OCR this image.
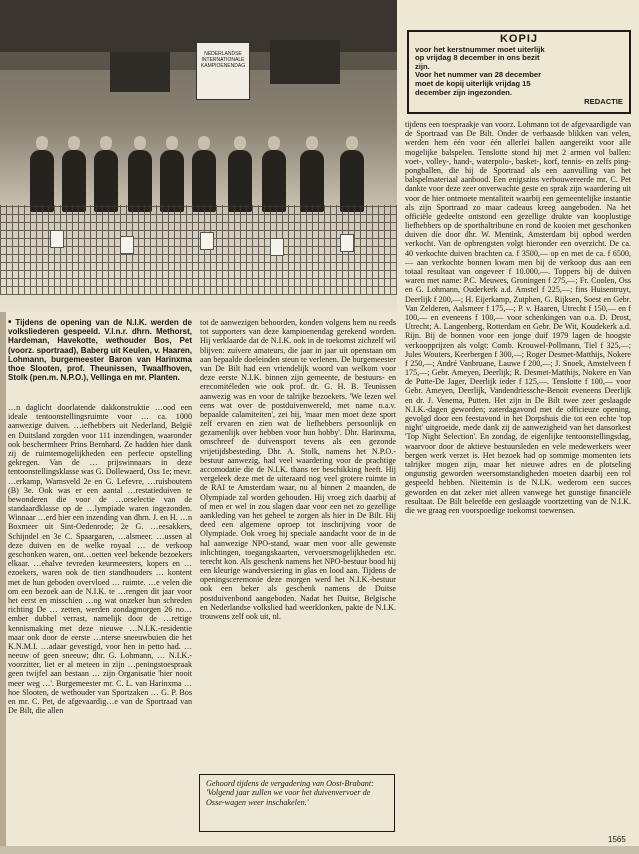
NEDERLANDSE INTERNATIONALE KAMPIOENENDAG
KOPIJ
voor het kerstnummer moet uiterlijk
op vrijdag 8 december in ons bezit
zijn.
Voor het nummer van 28 december
moet de kopij uiterlijk vrijdag 15
december zijn ingezonden.
REDACTIE
• Tijdens de opening van de N.I.K. werden de volksliederen gespeeld. V.l.n.r. dhrn. Methorst, Hardeman, Havekotte, wethouder Bos, Pet (voorz. sportraad), Baberg uit Keulen, v. Haaren, Lohmann, burgemeester Baron van Harinxma thoe Slooten, prof. Theunissen, Twaalfhoven, Stolk (pen.m. N.P.O.), Vellinga en mr. Planten.

…n daglicht doorlatende dakkonstruktie …ood een ideale tentoonstellingsruimte voor … ca. 1000 aanwezige duiven. …iefhebbers uit Nederland, België en Duitsland zorgden voor 111 inzendingen, waaronder ook beschermheer Prins Bernhard. Ze hadden hier dank zij de ruimtemogelijkheden een perfecte opstelling gekregen. Van de … prijswinnaars in deze tentoonstellingsklasse was G. Dollewaerd, Oss 1e; mevr. …erkamp, Warnsveld 2e en G. Lefevre, …ruisboutem (B) 3e. Ook was er een aantal …restatieduiven te bewonderen die voor de …orselectie van de standaardklasse op de …lympiade waren ingezonden. Winnaar …erd hier een inzending van dhrn. J. en H. …n Boxmeer uit Sint-Oedenrode; 2e G. …eesakkers, Schijndel en 3e C. Spaargaren, …alsmeer. …ussen al deze duiven en de welke royaal … de verkoop geschonken waren, ont…oetten veel bekende bezoekers elkaar. …ehalve tevreden keurmeesters, kopers en …ezoekers, waren ook de tien standhouders … kontent met de hun geboden overvloed … ruimte. …e velen die om een bezoek aan de N.I.K. te …rengen dit jaar voor het eerst en misschien …og wat onzeker hun schreden richting De … zetten, werden zondagmorgen 26 no…ember dubbel verrast, namelijk door de …rettige kennismaking met deze nieuwe …N.I.K.-residentie maar ook door de eerste …nterse sneeuwbuien die het K.N.M.I. …adaar gevestigd, voor hen in petto had. …neeuw of geen sneeuw; dhr. G. Lohmann, … N.I.K.-voorzitter, liet er al meteen in zijn …peningstoespraak geen twijfel aan bestaan … zijn Organisatie 'hier nooit meer weg …'. Burgemeester mr. C. L. van Harinxma …hoe Slooten, de wethouder van Sportzaken … G. P. Bos en mr. C. Pet, de afgevaardig…e van de Sportraad van De Bilt, die allen

tot de aanwezigen behoorden, konden volgens hem nu reeds tot supporters van deze kampioenendag gerekend worden. Hij verklaarde dat de N.I.K. ook in de toekomst zichzelf wil blijven: zuivere amateurs, die jaar in jaar uit openstaan om aan bepaalde doeleinden steun te verlenen. De burgemeester van De Bilt had een vriendelijk woord van welkom voor deze eerste N.I.K. binnen zijn gemeente, de bestuurs- en erecomitéleden wie ook prof. dr. G. H. B. Teunissen aanwezig was en voor de talrijke bezoekers. 'We lezen wel eens wat over de postduivenwereld, met name n.a.v. bepaalde calamiteiten', zei hij, 'maar men moet deze sport zelf ervaren en zien wat de liefhebbers persoonlijk en gezamenlijk over hebben voor hun hobby'. Dhr. Harinxma, omschreef de duivensport tevens als een gezonde vrijetijdsbesteding. Dhr. A. Stolk, namens het N.P.O.-bestuur aanwezig, had veel waardering voor de prachtige accomodatie die de N.I.K. thans ter beschikking heeft. Hij vergeleek deze met de uiteraard nog veel grotere ruimte in de RAI te Amsterdam waar, nu al binnen 2 maanden, de Olympiade zal worden gehouden. Hij vroeg zich daarbij af of men er wel in zou slagen daar voor een net zo gezellige aankleding van het geheel te zorgen als hier in De Bilt. Hij deed een algemene oproep tot inschrijving voor de Olympiade. Ook vroeg hij speciale aandacht voor de in de hal aanwezige NPO-stand, waar men voor alle gewenste inlichtingen, toegangskaarten, vervoersmogelijkheden etc. terecht kon. Als geschenk namens het NPO-bestuur bood hij een kleurige wandversiering in glas en lood aan. Tijdens de openingsceremonie deze morgen werd het N.I.K.-bestuur ook een beker als geschenk namens de Duitse postduivenbond aangeboden. Nadat het Duitse, Belgische en Nederlandse volkslied had weerklonken, pakte de N.I.K. trouwens zelf ook uit, nl.

Gehoord tijdens de vergadering van Oost-Brabant: 'Volgend jaar zullen we voor het duivenvervoer de Osse-wagen weer inschakelen.'

tijdens een toespraakje van voorz. Lohmann tot de afgevaardigde van de Sportraad van De Bilt. Onder de verbaasde blikken van velen, werden hem één voor één allerlei ballen aangereikt voor alle mogelijke balspelen. Tenslotte stond hij met 2 armen vol ballen: voet-, volley-, hand-, waterpolo-, basket-, korf, tennis- en zelfs ping-pongballen, die hij de Sportraad als een aanvulling van het balspelmateriaal aanbood. Een enigszins verbouwereerde mr. C. Pet dankte voor deze zeer onverwachte geste en sprak zijn waardering uit voor de hier ontmoete mentaliteit waarbij een gemeentelijke instantie als zijn Sportraad zo maar cadeaus kreeg aangeboden. Na het officiële gedeelte ontstond een gezellige drukte van kooplustige liefhebbers op de sporthaltribune en rond de kooien met geschonken duiven die door dhr. W. Mentink, Amsterdam bij opbod werden verkocht. Van de opbrengsten volgt hieronder een overzicht. De ca. 40 verkochte duiven brachten ca. f 3500,— op en met de ca. f 6500,— aan verkochte bonnen kwam men bij de verkoop dus aan een totaal resultaat van ongeveer f 10.000,—. Toppers bij de duiven waren met name: P.C. Meuwes, Groningen f 275,—; Fr. Coolen, Oss en G. Lohmann, Ouderkerk a.d. Amstel f 225,—; fins Huisentruyt, Deerlijk f 200,—; H. Eijerkamp, Zutphen, G. Rijksen, Soest en Gebr. Van Zelderen, Aalsmeer f 175,—; P. v. Haaren, Utrecht f 150,— en f 100,— en eveneens f 100,— voor schenkingen van o.a. D. Drost, Utrecht; A. Langenberg, Rotterdam en Gebr. De Wit, Koudekerk a.d. Rijn. Bij de bonnen voor een jonge duif 1979 lagen de hoogste verkoopprijzen als volgt: Comb. Krouwel-Pollmann, Tiel f 325,—; Jules Wouters, Keerbergen f 300,—; Roger Desmet-Matthijs, Nokere f 250,—; André Vanbruane, Lauwe f 200,—; J. Snoek, Amstelveen f 175,—; Gebr. Ameyen, Deerlijk; R. Desmet-Matthijs, Nokere en Van de Putte-De Jager, Deerlijk ieder f 125,—. Tenslotte f 100,— voor Gebr. Ameyen, Deerlijk, Vandendriessche-Benoit eveneens Deerlijk en dr. J. Venema, Putten. Het zijn in De Bilt twee zeer geslaagde N.I.K.-dagen geworden; zaterdagavond met de officieuze opening, gevolgd door een feestavond in het Dorpshuis die tot een echte 'top night' uitgroeide, mede dank zij de aanwezigheid van het dansorkest 'Top Night Selection'. En zondag, de eigenlijke tentoonstellingsdag, waarvoor door de aktieve bestuursleden en vele medewerkers weer bergen werk verzet is. Het bezoek had op sommige momenten iets talrijker mogen zijn, maar het nieuwe adres en de plotseling ongunstig geworden weersomstandigheden moeten daarbij een rol gespeeld hebben. Niettemin is de N.I.K. wederom een succes geworden en dat zeker niet alleen vanwege het gunstige financiële resultaat. De Bilt beleefde een geslaagde voortzetting van de N.I.K. die we graag een voorspoedige toekomst toewensen.

1565
